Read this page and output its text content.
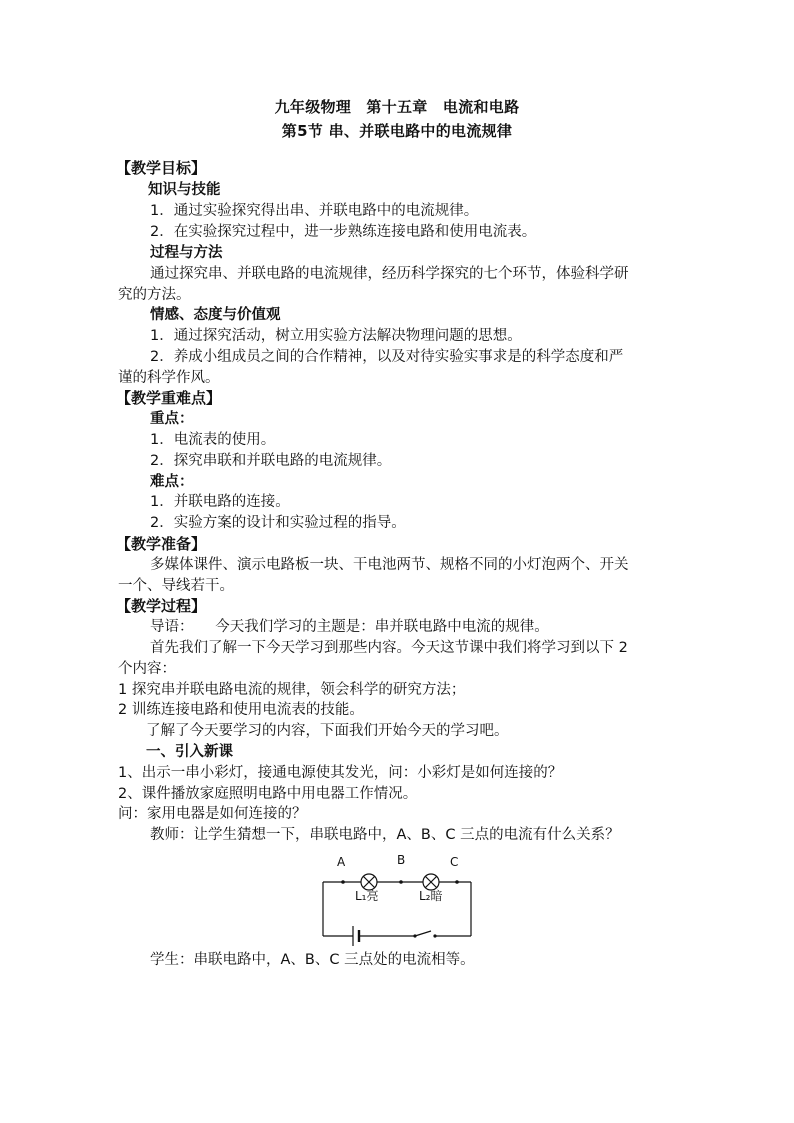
九年级物理　第十五章　电流和电路
第5节 串、并联电路中的电流规律
【教学目标】
知识与技能
1．通过实验探究得出串、并联电路中的电流规律。
2．在实验探究过程中，进一步熟练连接电路和使用电流表。
过程与方法
通过探究串、并联电路的电流规律，经历科学探究的七个环节，体验科学研
究的方法。
情感、态度与价值观
1．通过探究活动，树立用实验方法解决物理问题的思想。
2．养成小组成员之间的合作精神，以及对待实验实事求是的科学态度和严
谨的科学作风。
【教学重难点】
重点：
1．电流表的使用。
2．探究串联和并联电路的电流规律。
难点：
1．并联电路的连接。
2．实验方案的设计和实验过程的指导。
【教学准备】
多媒体课件、演示电路板一块、干电池两节、规格不同的小灯泡两个、开关
一个、导线若干。
【教学过程】
导语：　　今天我们学习的主题是：串并联电路中电流的规律。
首先我们了解一下今天学习到那些内容。今天这节课中我们将学习到以下 2
个内容：
1 探究串并联电路电流的规律，领会科学的研究方法；
2 训练连接电路和使用电流表的技能。
了解了今天要学习的内容，下面我们开始今天的学习吧。
一、引入新课
1、出示一串小彩灯，接通电源使其发光，问：小彩灯是如何连接的？
2、课件播放家庭照明电路中用电器工作情况。
问：家用电器是如何连接的？
教师：让学生猜想一下，串联电路中，A、B、C 三点的电流有什么关系？
A	B	C
L₁亮	L₂暗
学生：串联电路中，A、B、C 三点处的电流相等。
